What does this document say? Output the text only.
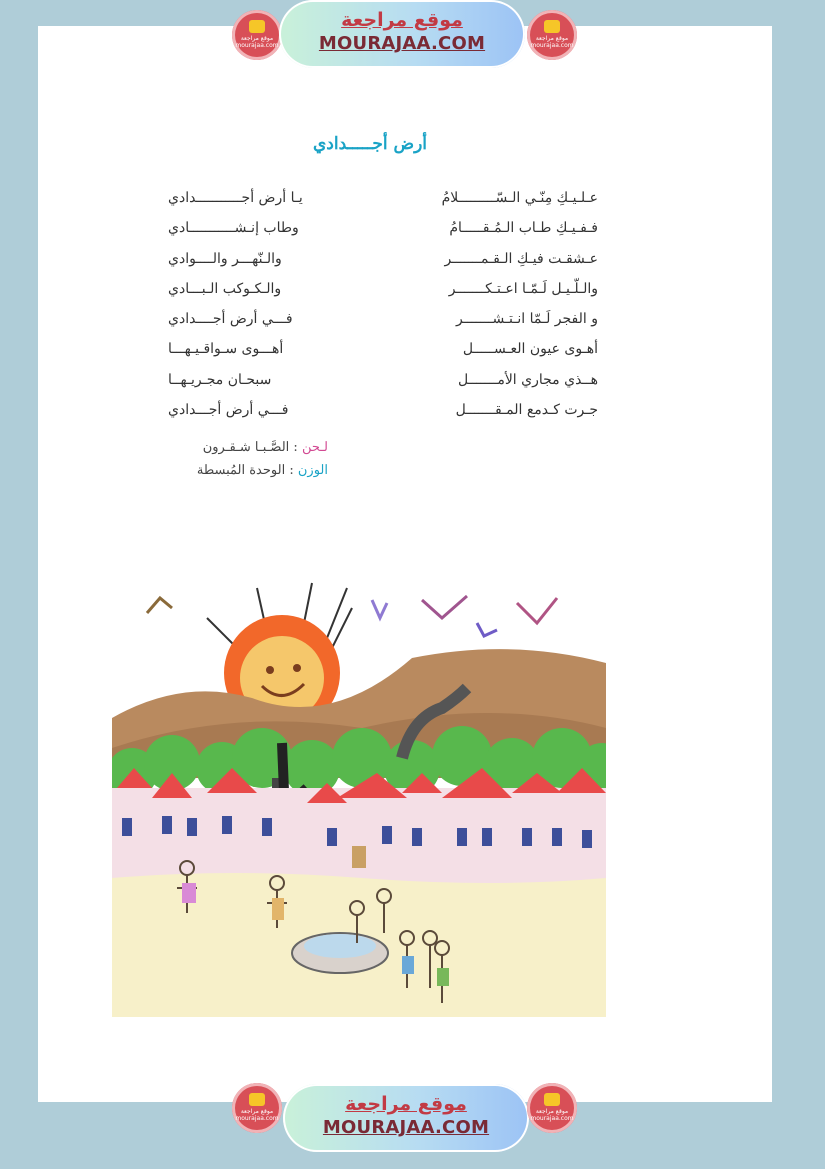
موقع مراجعة
mourajaa.com
موقع مراجعة
MOURAJAA.COM	موقع مراجعة
mourajaa.com
أرض أجـــــدادي
عـلـيـكِ مِنّـي الـسّـــــــــلامُ
يـا أرض أجـــــــــــدادي
فـفـيـكِ طـاب الـمُـقـــــامُ
وطاب إنـشـــــــــــادي
عـشقـت فيـكِ الـقـمـــــــر
والـنّهـــر والــــوادي
والـلّـيـل لَـمّـا اعـتـكـــــــر
والـكـوكب الـبـــادي
و الفجر لَـمّا انـتـشـــــــر
فـــي أرض أجــــدادي
أهـوى عيون العـســـــل
أهـــوى سـواقـيـهـــا
هــذي مجاري الأمـــــــل
سبحـان مجـريـهــا
جـرت كـدمع المـقـــــــل
فـــي أرض أجـــدادي
لـحن : الصَّـبـا شـقـرون
الوزن : الوحدة المُبسطة
موقع مراجعة
mourajaa.com
موقع مراجعة
MOURAJAA.COM
موقع مراجعة
mourajaa.com
